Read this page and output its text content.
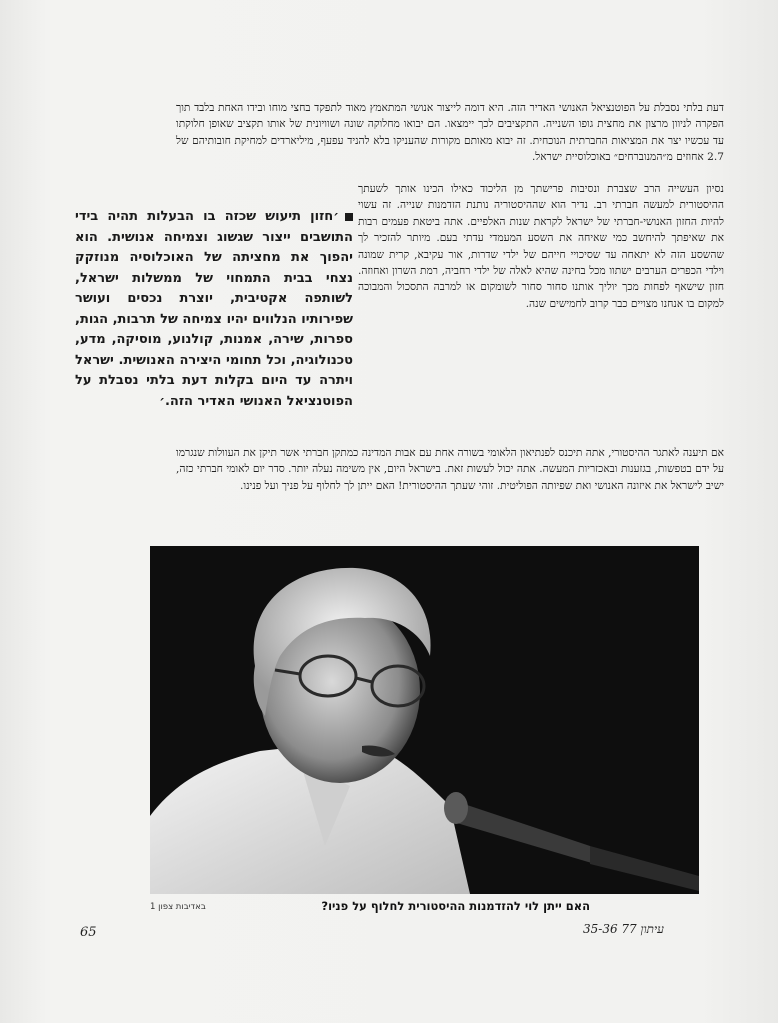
דעת בלתי נסבלת על הפוטנציאל האנושי האדיר הזה. היא דומה לייצור אנושי המתאמץ מאוד לתפקד בחצי מוחו ובידו האחת בלבד תוך הפקרה לניוון מרצון את מחצית גופו השנייה. התקציבים לכך יימצאו. הם יבואו מחלוקה שונה ושוויונית של אותו תקציב שאופן חלוקתו עד עכשיו יצר את המציאות החברתית הנוכחית. זה יבוא מאותם מקורות שהעניקו בלא להניד עפעף, מיליארדים למחיקת חובותיהם של 2.7 אחוזים מ״המנוברחים״ באוכלוסיית ישראל.

נסיון העשייה הרב שצברת ונסיבות פרישתך מן הליכוד כאילו הכינו אותך לשעתך ההיסטורית למעשה חברתי רב. נדיר הוא שההיסטוריה נותנת הזדמנות שנייה. זה עשוי להיות החזון האנושי-חברתי של ישראל לקראת שנות האלפיים. אתה ביטאת פעמים רבות את שאיפתך להיחשב כמי שאיחה את השסע המעמדי עדתי בעם. מיותר להזכיר לך שהשסע הזה לא יתאחה עד שסיכויי חייהם של ילדי שדרות, אור עקיבא, קרית שמונה וילדי הכפרים הערבים ישתוו מכל בחינה שהיא לאלה של ילדי רחביה, רמת השרון ואחוזה. חזון שישאף לפחות מכך יוליך אותנו סחור סחור לשומקום או למרבה התסכול והמבוכה למקום בו אנחנו מצויים כבר קרוב לחמישים שנה.

׳חזון תיעוש שכזה בו הבעלות תהיה בידי התושבים ייצור שגשוג וצמיחה אנושית. הוא יהפוך את מחציתה של האוכלוסיה מנוזקק נצחי בבית התמחוי של ממשלות ישראל, לשותפה אקטיבית, יוצרת נכסים ועושר שפירותיו הנלווים יהיו צמיחה של תרבות, הגות, ספרות, שירה, אמנות, קולנוע, מוסיקה, מדע, טכנולוגיה, וכל תחומי היצירה האנושית. ישראל ויתרה עד היום בקלות דעת בלתי נסבלת על הפוטנציאל האנושי האדיר הזה.׳

אם תיענה לאתגר ההיסטורי, אתה תיכנס לפנתיאון הלאומי בשורה אחת עם אבות המדינה כמתקן חברתי אשר תיקן את העוולות שנגרמו על ידם בטפשות, בגזענות ובאכזריות המעשה. אתה יכול לעשות זאת. בישראל היום, אין משימה נעלה יותר. סדר יום לאומי חברתי כזה, ישיב לישראל את איזונה האנושי ואת שפיותה הפוליטית. זוהי שעתך ההיסטורית! האם ייתן לך לחלוף על פניך ועל פנינו.

באדיבות צפון 1	האם ייתן לוי להזדמנות ההיסטורית לחלוף על פניו?
65	עיתון 77 35-36
